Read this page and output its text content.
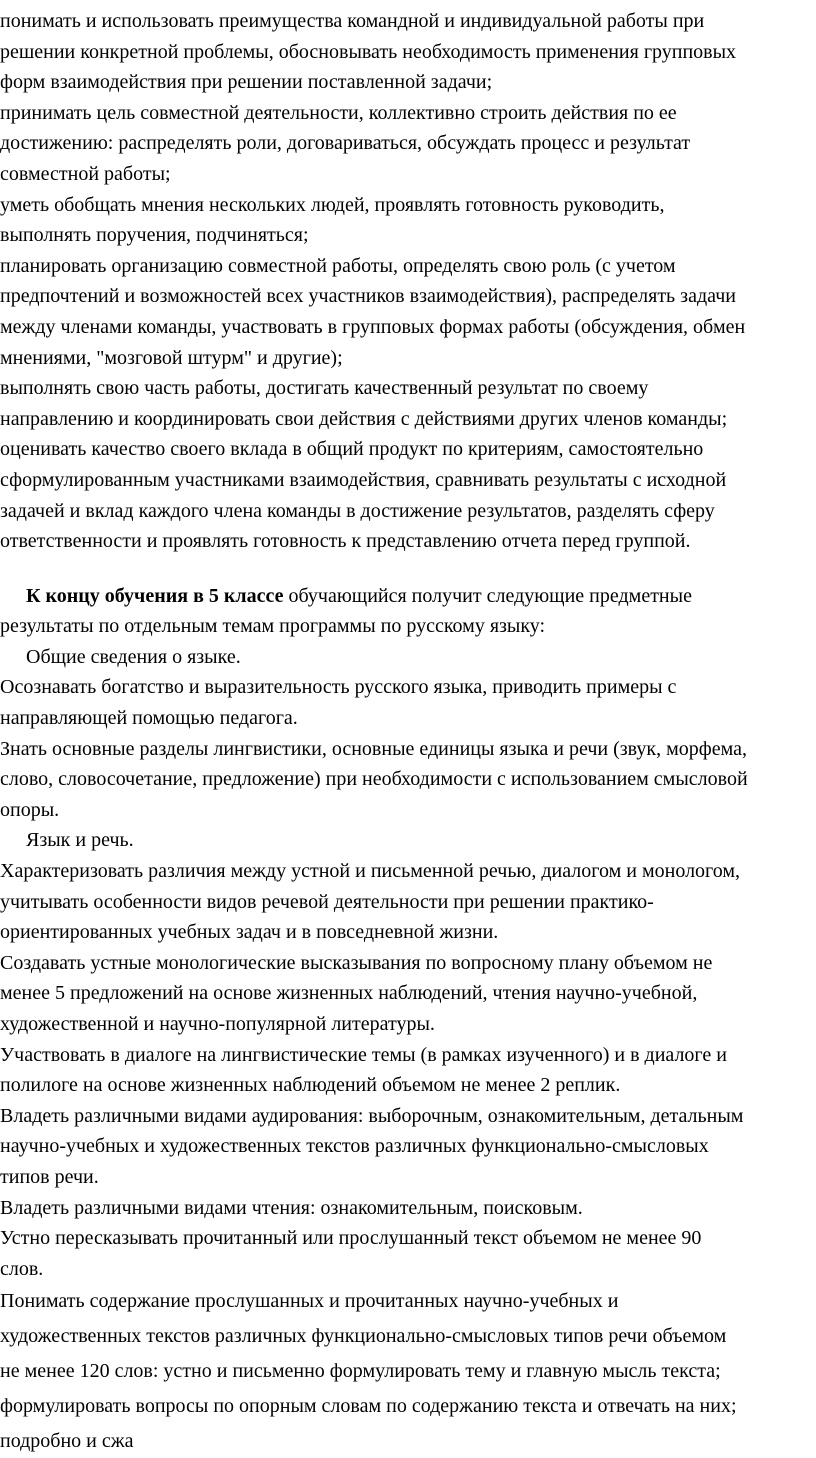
понимать и использовать преимущества командной и индивидуальной работы при
решении конкретной проблемы, обосновывать необходимость применения групповых
форм взаимодействия при решении поставленной задачи;
принимать цель совместной деятельности, коллективно строить действия по ее
достижению: распределять роли, договариваться, обсуждать процесс и результат
совместной работы;
уметь обобщать мнения нескольких людей, проявлять готовность руководить,
выполнять поручения, подчиняться;
планировать организацию совместной работы, определять свою роль (с учетом
предпочтений и возможностей всех участников взаимодействия), распределять задачи
между членами команды, участвовать в групповых формах работы (обсуждения, обмен
мнениями, "мозговой штурм" и другие);
выполнять свою часть работы, достигать качественный результат по своему
направлению и координировать свои действия с действиями других членов команды;
оценивать качество своего вклада в общий продукт по критериям, самостоятельно
сформулированным участниками взаимодействия, сравнивать результаты с исходной
задачей и вклад каждого члена команды в достижение результатов, разделять сферу
ответственности и проявлять готовность к представлению отчета перед группой.
К концу обучения в 5 классе обучающийся получит следующие предметные
результаты по отдельным темам программы по русскому языку:
Общие сведения о языке.
Осознавать богатство и выразительность русского языка, приводить примеры с
направляющей помощью педагога.
Знать основные разделы лингвистики, основные единицы языка и речи (звук, морфема,
слово, словосочетание, предложение) при необходимости с использованием смысловой
опоры.
Язык и речь.
Характеризовать различия между устной и письменной речью, диалогом и монологом,
учитывать особенности видов речевой деятельности при решении практико-
ориентированных учебных задач и в повседневной жизни.
Создавать устные монологические высказывания по вопросному плану объемом не
менее 5 предложений на основе жизненных наблюдений, чтения научно-учебной,
художественной и научно-популярной литературы.
Участвовать в диалоге на лингвистические темы (в рамках изученного) и в диалоге и
полилоге на основе жизненных наблюдений объемом не менее 2 реплик.
Владеть различными видами аудирования: выборочным, ознакомительным, детальным
научно-учебных и художественных текстов различных функционально-смысловых
типов речи.
Владеть различными видами чтения: ознакомительным, поисковым.
Устно пересказывать прочитанный или прослушанный текст объемом не менее 90
слов.
Понимать содержание прослушанных и прочитанных научно-учебных и
художественных текстов различных функционально-смысловых типов речи объемом
не менее 120 слов: устно и письменно формулировать тему и главную мысль текста;
формулировать вопросы по опорным словам по содержанию текста и отвечать на них;
подробно и сжа
